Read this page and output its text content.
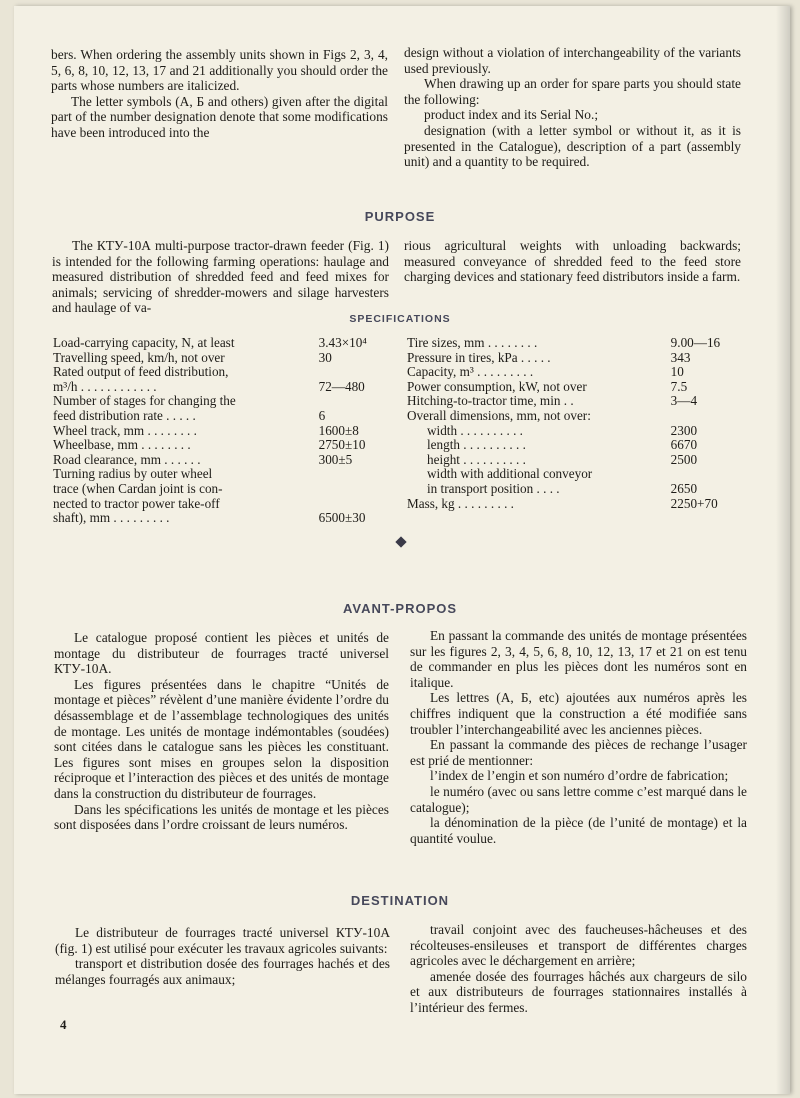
bers. When ordering the assembly units shown in Figs 2, 3, 4, 5, 6, 8, 10, 12, 13, 17 and 21 additionally you should order the parts whose numbers are italicized.

The letter symbols (А, Б and others) given after the digital part of the number designation denote that some modifications have been introduced into the

design without a violation of interchangeability of the variants used previously.

When drawing up an order for spare parts you should state the following:

product index and its Serial No.;

designation (with a letter symbol or without it, as it is presented in the Catalogue), description of a part (assembly unit) and a quantity to be required.

PURPOSE

The КТУ-10А multi-purpose tractor-drawn feeder (Fig. 1) is intended for the following farming operations: haulage and measured distribution of shredded feed and feed mixes for animals; servicing of shredder-mowers and silage harvesters and haulage of va-

rious agricultural weights with unloading backwards; measured conveyance of shredded feed to the feed store charging devices and stationary feed distributors inside a farm.

SPECIFICATIONS
Load-carrying capacity, N, at least	3.43×10⁴
Travelling speed, km/h, not over	30
Rated output of feed distribution,
m³/h . . . . . . . . . . . .	72—480
Number of stages for changing the
feed distribution rate . . . . .	6
Wheel track, mm . . . . . . . .	1600±8
Wheelbase, mm . . . . . . . .	2750±10
Road clearance, mm . . . . . .	300±5
Turning radius by outer wheel
trace (when Cardan joint is con-
nected to tractor power take-off
shaft), mm . . . . . . . . .	6500±30
Tire sizes, mm . . . . . . . .	9.00—16
Pressure in tires, kPa . . . . .	343
Capacity, m³ . . . . . . . . .	10
Power consumption, kW, not over	7.5
Hitching-to-tractor time, min . .	3—4
Overall dimensions, mm, not over:	
width . . . . . . . . . .	2300
length . . . . . . . . . .	6670
height . . . . . . . . . .	2500
width with additional conveyor
in transport position . . . .	2650
Mass, kg . . . . . . . . .	2250+70
AVANT-PROPOS

Le catalogue proposé contient les pièces et unités de montage du distributeur de fourrages tracté universel КТУ-10А.

Les figures présentées dans le chapitre “Unités de montage et pièces” révèlent d’une manière évidente l’ordre du désassemblage et de l’assemblage technologiques des unités de montage. Les unités de montage indémontables (soudées) sont citées dans le catalogue sans les pièces les constituant. Les figures sont mises en groupes selon la disposition réciproque et l’interaction des pièces et des unités de montage dans la construction du distributeur de fourrages.

Dans les spécifications les unités de montage et les pièces sont disposées dans l’ordre croissant de leurs numéros.

En passant la commande des unités de montage présentées sur les figures 2, 3, 4, 5, 6, 8, 10, 12, 13, 17 et 21 on est tenu de commander en plus les pièces dont les numéros sont en italique.

Les lettres (А, Б, etc) ajoutées aux numéros après les chiffres indiquent que la construction a été modifiée sans troubler l’interchangeabilité avec les anciennes pièces.

En passant la commande des pièces de rechange l’usager est prié de mentionner:

l’index de l’engin et son numéro d’ordre de fabrication;

le numéro (avec ou sans lettre comme c’est marqué dans le catalogue);

la dénomination de la pièce (de l’unité de montage) et la quantité voulue.

DESTINATION

Le distributeur de fourrages tracté universel КТУ-10А (fig. 1) est utilisé pour exécuter les travaux agricoles suivants:

transport et distribution dosée des fourrages hachés et des mélanges fourragés aux animaux;

travail conjoint avec des faucheuses-hâcheuses et des récolteuses-ensileuses et transport de différentes charges agricoles avec le déchargement en arrière;

amenée dosée des fourrages hâchés aux chargeurs de silo et aux distributeurs de fourrages stationnaires installés à l’intérieur des fermes.

4
